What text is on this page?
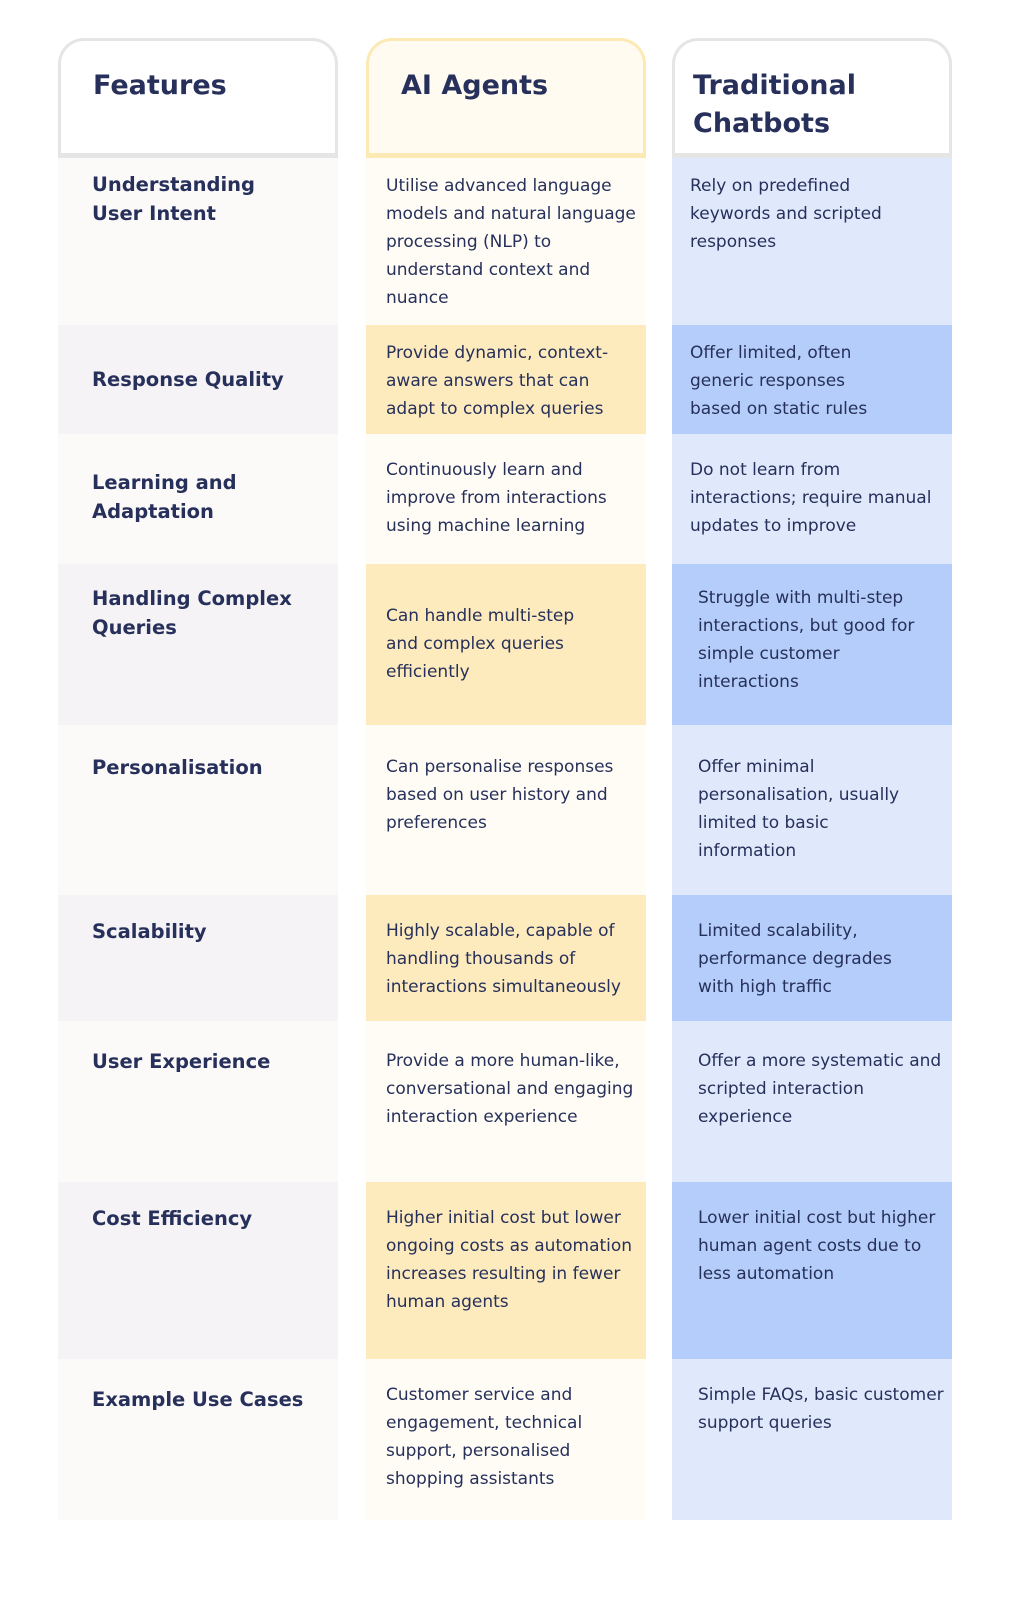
Features
Understanding User Intent
Response Quality
Learning and Adaptation
Handling Complex Queries
Personalisation
Scalability
User Experience
Cost Efficiency
Example Use Cases
AI Agents
Utilise advanced language models and natural language processing (NLP) to understand context and nuance
Provide dynamic, context-aware answers that can adapt to complex queries
Continuously learn and improve from interactions using machine learning
Can handle multi-step and complex queries efficiently
Can personalise responses based on user history and preferences
Highly scalable, capable of handling thousands of interactions simultaneously
Provide a more human-like, conversational and engaging interaction experience
Higher initial cost but lower ongoing costs as automation increases resulting in fewer human agents
Customer service and engagement, technical support, personalised shopping assistants
Traditional
Chatbots
Rely on predefined keywords and scripted responses
Offer limited, often generic responses based on static rules
Do not learn from interactions; require manual updates to improve
Struggle with multi-step interactions, but good for simple customer interactions
Offer minimal personalisation, usually limited to basic information
Limited scalability, performance degrades with high traffic
Offer a more systematic and scripted interaction experience
Lower initial cost but higher human agent costs due to less automation
Simple FAQs, basic customer support queries
